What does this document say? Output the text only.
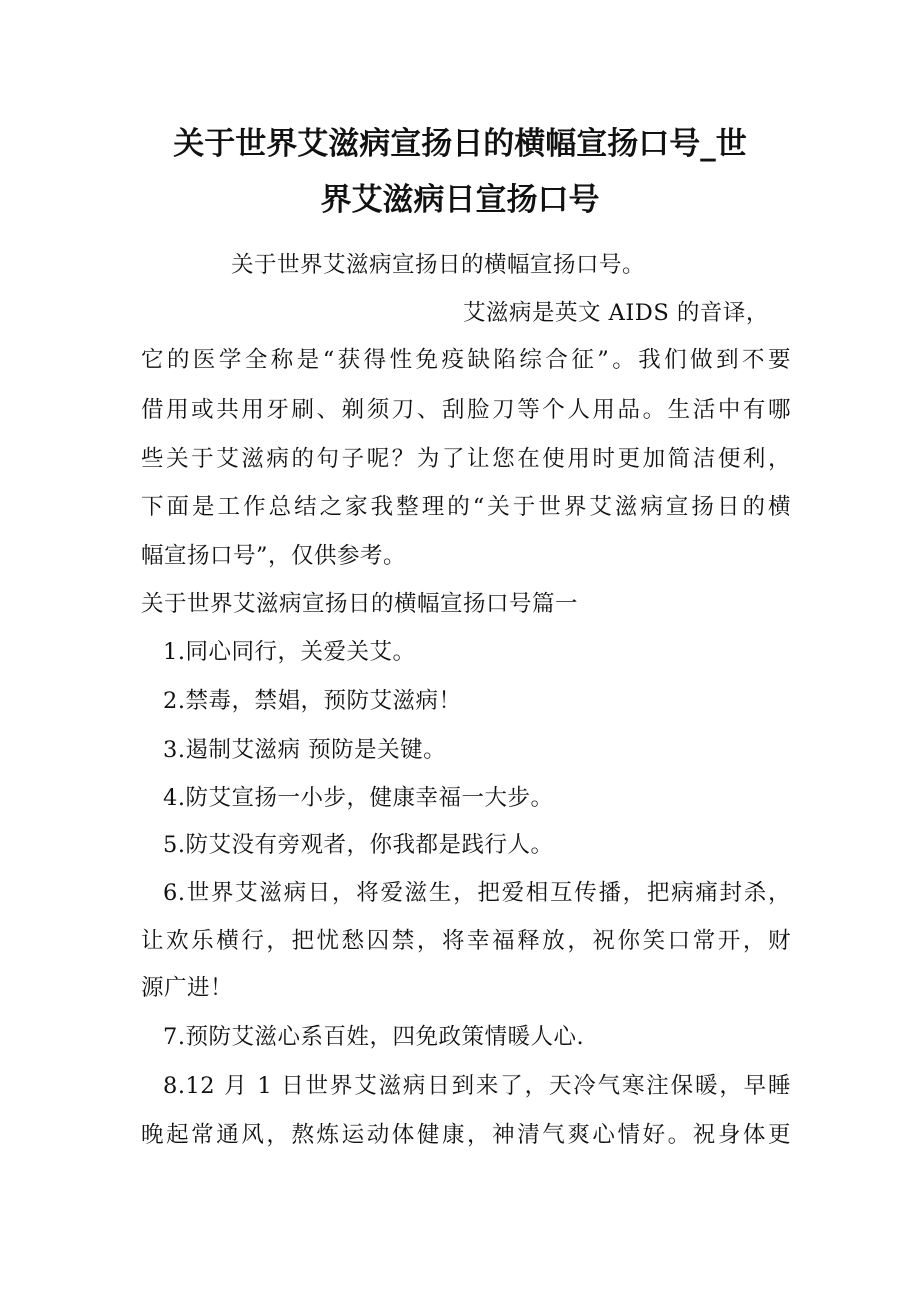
关于世界艾滋病宣扬日的横幅宣扬口号_世
界艾滋病日宣扬口号

关于世界艾滋病宣扬日的横幅宣扬口号。

艾滋病是英文 AIDS 的音译，

它的医学全称是“获得性免疫缺陷综合征”。我们做到不要

借用或共用牙刷、剃须刀、刮脸刀等个人用品。生活中有哪

些关于艾滋病的句子呢？为了让您在使用时更加简洁便利，

下面是工作总结之家我整理的“关于世界艾滋病宣扬日的横

幅宣扬口号”，仅供参考。

关于世界艾滋病宣扬日的横幅宣扬口号篇一

1.同心同行，关爱关艾。

2.禁毒，禁娼，预防艾滋病！

3.遏制艾滋病 预防是关键。

4.防艾宣扬一小步，健康幸福一大步。

5.防艾没有旁观者，你我都是践行人。

6.世界艾滋病日，将爱滋生，把爱相互传播，把病痛封杀，

让欢乐横行，把忧愁囚禁，将幸福释放，祝你笑口常开，财

源广进！

7.预防艾滋心系百姓，四免政策情暖人心.

8.12 月 1 日世界艾滋病日到来了，天冷气寒注保暖，早睡

晚起常通风，熬炼运动体健康，神清气爽心情好。祝身体更
